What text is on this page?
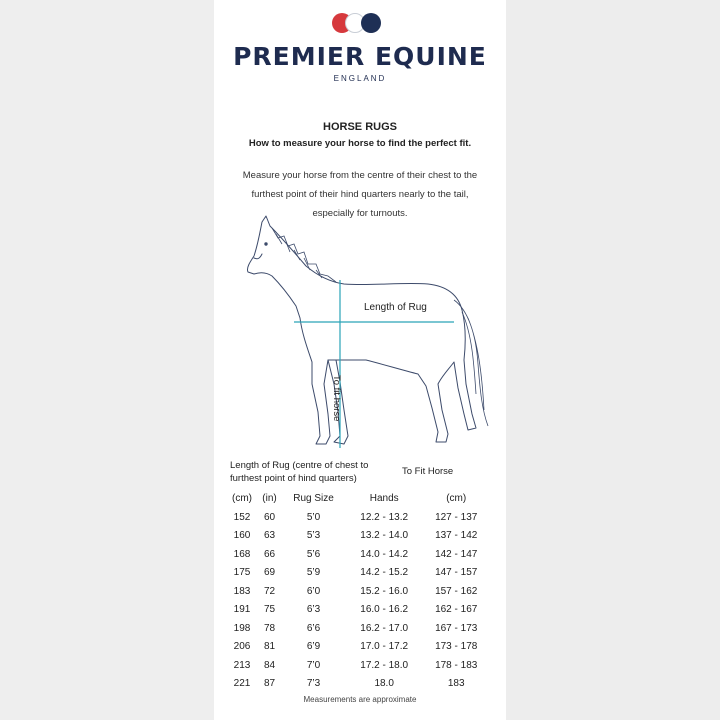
PREMIER EQUINE
ENGLAND
HORSE RUGS
How to measure your horse to find the perfect fit.
Measure your horse from the centre of their chest to the furthest point of their hind quarters nearly to the tail, especially for turnouts.
Length of Rug
To fit horse
Length of Rug (centre of chest to furthest point of hind quarters)
To Fit Horse
(cm)	(in)	Rug Size	Hands	(cm)
152	60	5’0	12.2 - 13.2	127 - 137
160	63	5’3	13.2 - 14.0	137 - 142
168	66	5’6	14.0 - 14.2	142 - 147
175	69	5’9	14.2 - 15.2	147 - 157
183	72	6’0	15.2 - 16.0	157 - 162
191	75	6’3	16.0 - 16.2	162 - 167
198	78	6’6	16.2 - 17.0	167 - 173
206	81	6’9	17.0 - 17.2	173 - 178
213	84	7’0	17.2 - 18.0	178 - 183
221	87	7’3	18.0	183
Measurements are approximate
